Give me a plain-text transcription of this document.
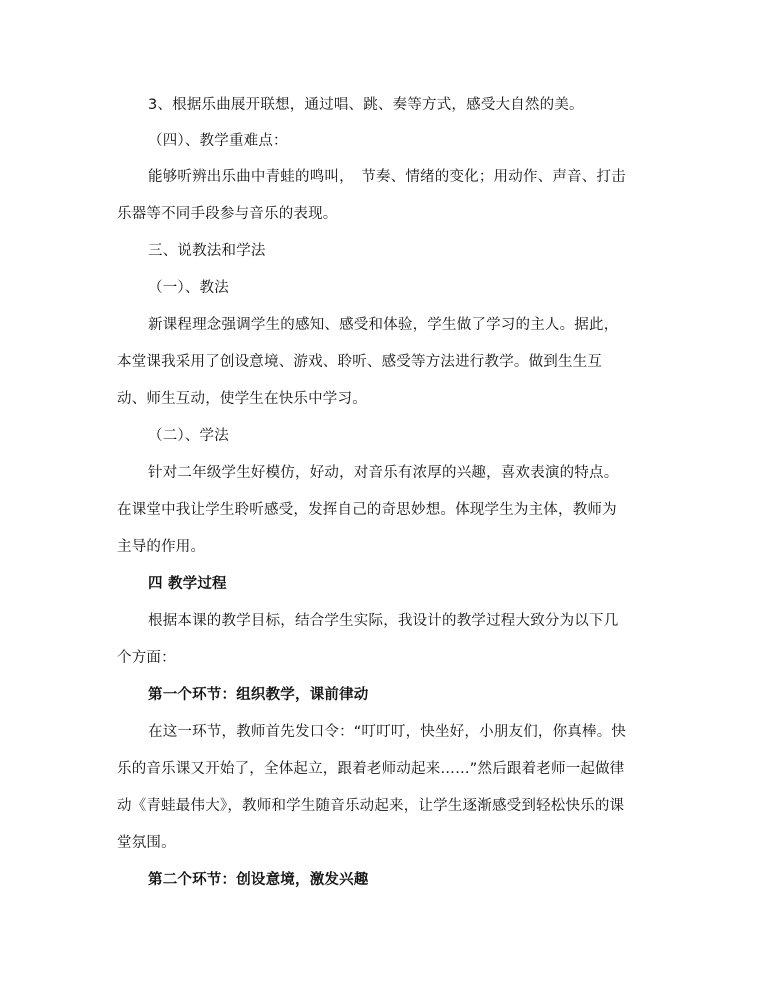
3、根据乐曲展开联想，通过唱、跳、奏等方式，感受大自然的美。
（四）、教学重难点：
能够听辨出乐曲中青蛙的鸣叫，　节奏、情绪的变化；用动作、声音、打击
乐器等不同手段参与音乐的表现。
三、说教法和学法
（一）、教法
新课程理念强调学生的感知、感受和体验，学生做了学习的主人。据此，
本堂课我采用了创设意境、游戏、聆听、感受等方法进行教学。做到生生互
动、师生互动，使学生在快乐中学习。
（二）、学法
针对二年级学生好模仿，好动，对音乐有浓厚的兴趣，喜欢表演的特点。
在课堂中我让学生聆听感受，发挥自己的奇思妙想。体现学生为主体，教师为
主导的作用。
四 教学过程
根据本课的教学目标，结合学生实际，我设计的教学过程大致分为以下几
个方面：
第一个环节：组织教学，课前律动
在这一环节，教师首先发口令：“叮叮叮，快坐好，小朋友们，你真棒。快
乐的音乐课又开始了，全体起立，跟着老师动起来……”然后跟着老师一起做律
动《青蛙最伟大》，教师和学生随音乐动起来，让学生逐渐感受到轻松快乐的课
堂氛围。
第二个环节：创设意境，激发兴趣
